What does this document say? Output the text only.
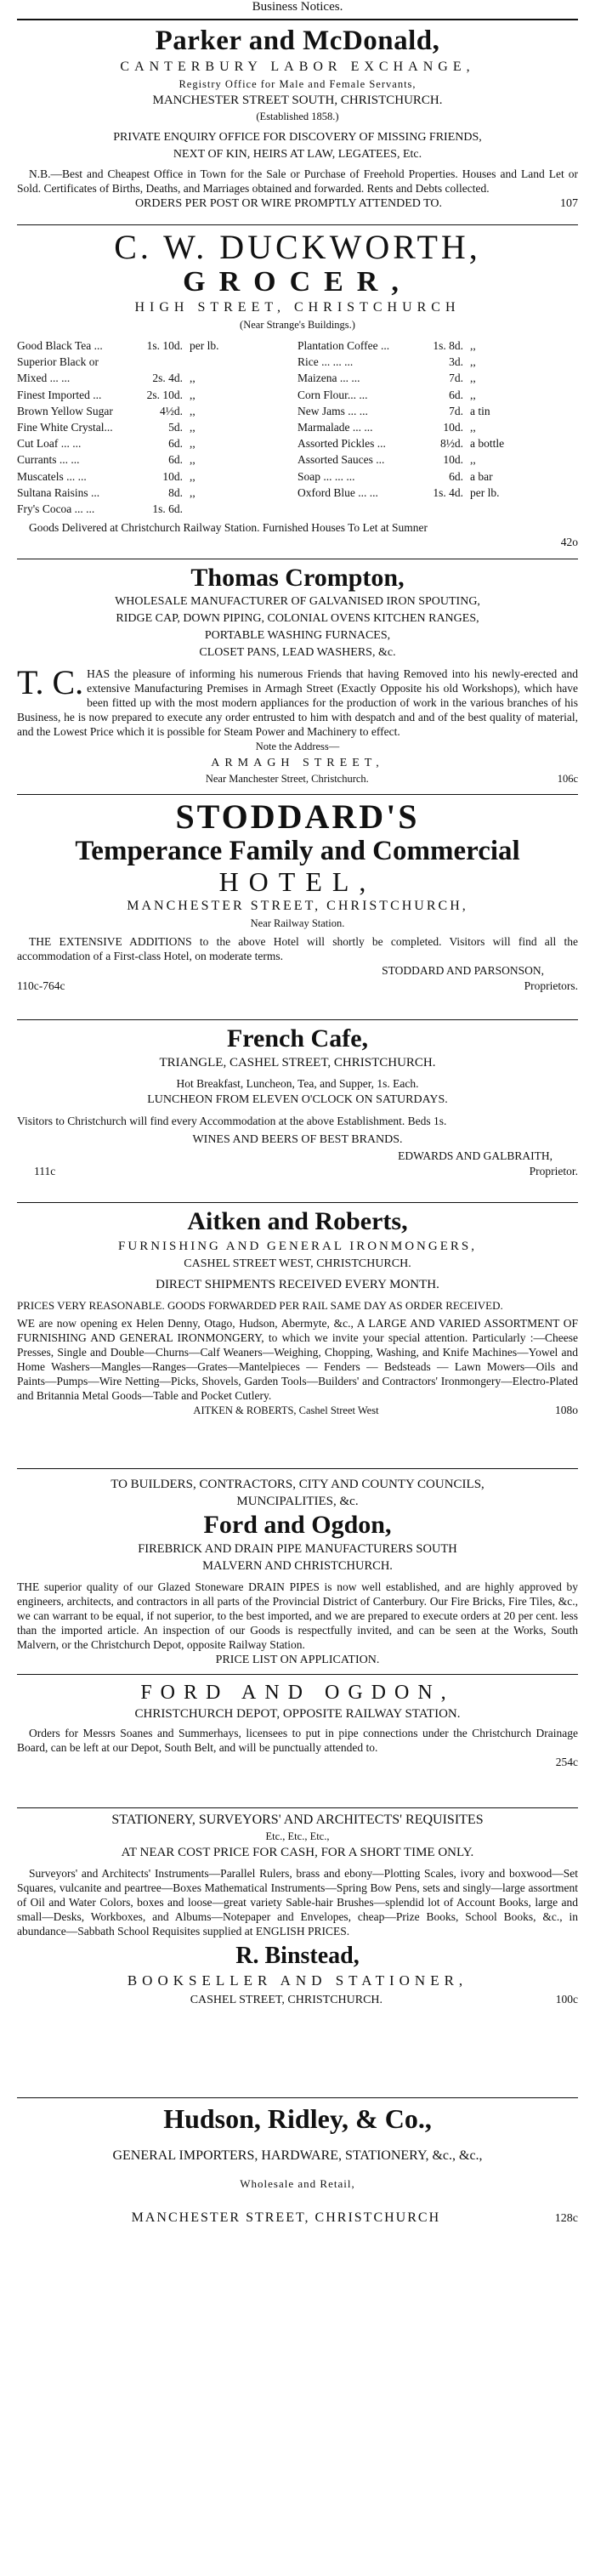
Business Notices.
Parker and McDonald,
CANTERBURY LABOR EXCHANGE,
Registry Office for Male and Female Servants,
MANCHESTER STREET SOUTH, CHRISTCHURCH.
(Established 1858.)
PRIVATE ENQUIRY OFFICE FOR DISCOVERY OF MISSING FRIENDS,
NEXT OF KIN, HEIRS AT LAW, LEGATEES, Etc.
N.B.—Best and Cheapest Office in Town for the Sale or Purchase of Freehold Properties. Houses and Land Let or Sold. Certificates of Births, Deaths, and Marriages obtained and forwarded. Rents and Debts collected.
ORDERS PER POST OR WIRE PROMPTLY ATTENDED TO.	107
C. W. DUCKWORTH,
GROCER,
HIGH STREET, CHRISTCHURCH
(Near Strange's Buildings.)
Good Black Tea ...	1s. 10d. per lb.
Superior Black or
Mixed ... ...	2s. 4d. ,,
Finest Imported ...	2s. 10d. ,,
Brown Yellow Sugar	4½d. ,,
Fine White Crystal...	5d. ,,
Cut Loaf ... ...	6d. ,,
Currants ... ...	6d. ,,
Muscatels ... ...	10d. ,,
Sultana Raisins ...	8d. ,,
Fry's Cocoa ... ...	1s. 6d.
Plantation Coffee ...	1s. 8d. ,,
Rice ... ... ...	3d. ,,
Maizena ... ...	7d. ,,
Corn Flour... ...	6d. ,,
New Jams ... ...	7d. a tin
Marmalade ... ...	10d. ,,
Assorted Pickles ...	8½d. a bottle
Assorted Sauces ...	10d. ,,
Soap ... ... ...	6d. a bar
Oxford Blue ... ...	1s. 4d. per lb.
Goods Delivered at Christchurch Railway Station. Furnished Houses To Let at Sumner
42o
Thomas Crompton,
WHOLESALE MANUFACTURER OF GALVANISED IRON SPOUTING,
RIDGE CAP, DOWN PIPING, COLONIAL OVENS KITCHEN RANGES,
PORTABLE WASHING FURNACES,
CLOSET PANS, LEAD WASHERS, &c.
T. C. HAS the pleasure of informing his numerous Friends that having Removed into his newly-erected and extensive Manufacturing Premises in Armagh Street (Exactly Opposite his old Workshops), which have been fitted up with the most modern appliances for the production of work in the various branches of his Business, he is now prepared to execute any order entrusted to him with despatch and and of the best quality of material, and the Lowest Price which it is possible for Steam Power and Machinery to effect.
Note the Address—
ARMAGH STREET,
Near Manchester Street, Christchurch.	106c
STODDARD'S
Temperance Family and Commercial
HOTEL,
MANCHESTER STREET, CHRISTCHURCH,
Near Railway Station.
THE EXTENSIVE ADDITIONS to the above Hotel will shortly be completed. Visitors will find all the accommodation of a First-class Hotel, on moderate terms.
STODDARD AND PARSONSON,
110c-764c	Proprietors.
French Cafe,
TRIANGLE, CASHEL STREET, CHRISTCHURCH.
Hot Breakfast, Luncheon, Tea, and Supper, 1s. Each.
LUNCHEON FROM ELEVEN O'CLOCK ON SATURDAYS.
Visitors to Christchurch will find every Accommodation at the above Establishment. Beds 1s.
WINES AND BEERS OF BEST BRANDS.
EDWARDS AND GALBRAITH,
111c	Proprietor.
Aitken and Roberts,
FURNISHING AND GENERAL IRONMONGERS,
CASHEL STREET WEST, CHRISTCHURCH.
DIRECT SHIPMENTS RECEIVED EVERY MONTH.
PRICES VERY REASONABLE. GOODS FORWARDED PER RAIL SAME DAY AS ORDER RECEIVED.
WE are now opening ex Helen Denny, Otago, Hudson, Abermyte, &c., A LARGE AND VARIED ASSORTMENT OF FURNISHING AND GENERAL IRONMONGERY, to which we invite your special attention. Particularly :—Cheese Presses, Single and Double—Churns—Calf Weaners—Weighing, Chopping, Washing, and Knife Machines—Yowel and Home Washers—Mangles—Ranges—Grates—Mantelpieces — Fenders — Bedsteads — Lawn Mowers—Oils and Paints—Pumps—Wire Netting—Picks, Shovels, Garden Tools—Builders' and Contractors' Ironmongery—Electro-Plated and Britannia Metal Goods—Table and Pocket Cutlery.
AITKEN & ROBERTS, Cashel Street West	108o
TO BUILDERS, CONTRACTORS, CITY AND COUNTY COUNCILS,
MUNCIPALITIES, &c.
Ford and Ogdon,
FIREBRICK AND DRAIN PIPE MANUFACTURERS SOUTH
MALVERN AND CHRISTCHURCH.
THE superior quality of our Glazed Stoneware DRAIN PIPES is now well established, and are highly approved by engineers, architects, and contractors in all parts of the Provincial District of Canterbury. Our Fire Bricks, Fire Tiles, &c., we can warrant to be equal, if not superior, to the best imported, and we are prepared to execute orders at 20 per cent. less than the imported article. An inspection of our Goods is respectfully invited, and can be seen at the Works, South Malvern, or the Christchurch Depot, opposite Railway Station.
PRICE LIST ON APPLICATION.
FORD AND OGDON,
CHRISTCHURCH DEPOT, OPPOSITE RAILWAY STATION.
Orders for Messrs Soanes and Summerhays, licensees to put in pipe connections under the Christchurch Drainage Board, can be left at our Depot, South Belt, and will be punctually attended to.
254c
STATIONERY, SURVEYORS' AND ARCHITECTS' REQUISITES
Etc., Etc., Etc.,
AT NEAR COST PRICE FOR CASH, FOR A SHORT TIME ONLY.
Surveyors' and Architects' Instruments—Parallel Rulers, brass and ebony—Plotting Scales, ivory and boxwood—Set Squares, vulcanite and peartree—Boxes Mathematical Instruments—Spring Bow Pens, sets and singly—large assortment of Oil and Water Colors, boxes and loose—great variety Sable-hair Brushes—splendid lot of Account Books, large and small—Desks, Workboxes, and Albums—Notepaper and Envelopes, cheap—Prize Books, School Books, &c., in abundance—Sabbath School Requisites supplied at ENGLISH PRICES.
R. Binstead,
BOOKSELLER AND STATIONER,
CASHEL STREET, CHRISTCHURCH.	100c
Hudson, Ridley, & Co.,
GENERAL IMPORTERS, HARDWARE, STATIONERY, &c., &c.,
Wholesale and Retail,
MANCHESTER STREET, CHRISTCHURCH	128c
